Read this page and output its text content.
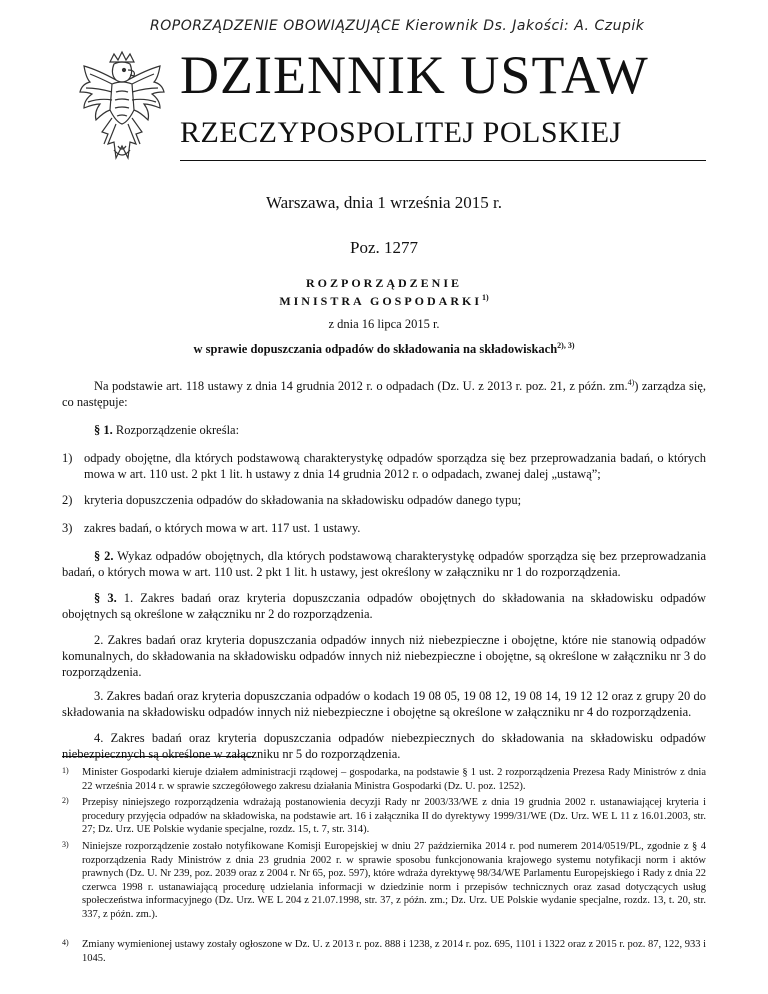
ROPORZĄDZENIE OBOWIĄZUJĄCE Kierownik Ds. Jakości: A. Czupik
DZIENNIK USTAW
RZECZYPOSPOLITEJ POLSKIEJ
Warszawa, dnia 1 września 2015 r.
Poz. 1277
ROZPORZĄDZENIE
MINISTRA GOSPODARKI$^{1)}$
z dnia 16 lipca 2015 r.
w sprawie dopuszczania odpadów do składowania na składowiskach$^{2), 3)}$
Na podstawie art. 118 ustawy z dnia 14 grudnia 2012 r. o odpadach (Dz. U. z 2013 r. poz. 21, z późn. zm.$^{4)}$) zarządza się, co następuje:
§ 1. Rozporządzenie określa:
1) odpady obojętne, dla których podstawową charakterystykę odpadów sporządza się bez przeprowadzania badań, o których mowa w art. 110 ust. 2 pkt 1 lit. h ustawy z dnia 14 grudnia 2012 r. o odpadach, zwanej dalej „ustawą”;
2) kryteria dopuszczenia odpadów do składowania na składowisku odpadów danego typu;
3) zakres badań, o których mowa w art. 117 ust. 1 ustawy.
§ 2. Wykaz odpadów obojętnych, dla których podstawową charakterystykę odpadów sporządza się bez przeprowadzania badań, o których mowa w art. 110 ust. 2 pkt 1 lit. h ustawy, jest określony w załączniku nr 1 do rozporządzenia.
§ 3. 1. Zakres badań oraz kryteria dopuszczania odpadów obojętnych do składowania na składowisku odpadów obojętnych są określone w załączniku nr 2 do rozporządzenia.
2. Zakres badań oraz kryteria dopuszczania odpadów innych niż niebezpieczne i obojętne, które nie stanowią odpadów komunalnych, do składowania na składowisku odpadów innych niż niebezpieczne i obojętne, są określone w załączniku nr 3 do rozporządzenia.
3. Zakres badań oraz kryteria dopuszczania odpadów o kodach 19 08 05, 19 08 12, 19 08 14, 19 12 12 oraz z grupy 20 do składowania na składowisku odpadów innych niż niebezpieczne i obojętne są określone w załączniku nr 4 do rozporządzenia.
4. Zakres badań oraz kryteria dopuszczania odpadów niebezpiecznych do składowania na składowisku odpadów niebezpiecznych są określone w załączniku nr 5 do rozporządzenia.
1) Minister Gospodarki kieruje działem administracji rządowej – gospodarka, na podstawie § 1 ust. 2 rozporządzenia Prezesa Rady Ministrów z dnia 22 września 2014 r. w sprawie szczegółowego zakresu działania Ministra Gospodarki (Dz. U. poz. 1252).
2) Przepisy niniejszego rozporządzenia wdrażają postanowienia decyzji Rady nr 2003/33/WE z dnia 19 grudnia 2002 r. ustanawiającej kryteria i procedury przyjęcia odpadów na składowiska, na podstawie art. 16 i załącznika II do dyrektywy 1999/31/WE (Dz. Urz. WE L 11 z 16.01.2003, str. 27; Dz. Urz. UE Polskie wydanie specjalne, rozdz. 15, t. 7, str. 314).
3) Niniejsze rozporządzenie zostało notyfikowane Komisji Europejskiej w dniu 27 października 2014 r. pod numerem 2014/0519/PL, zgodnie z § 4 rozporządzenia Rady Ministrów z dnia 23 grudnia 2002 r. w sprawie sposobu funkcjonowania krajowego systemu notyfikacji norm i aktów prawnych (Dz. U. Nr 239, poz. 2039 oraz z 2004 r. Nr 65, poz. 597), które wdraża dyrektywę 98/34/WE Parlamentu Europejskiego i Rady z dnia 22 czerwca 1998 r. ustanawiającą procedurę udzielania informacji w dziedzinie norm i przepisów technicznych oraz zasad dotyczących usług społeczeństwa informacyjnego (Dz. Urz. WE L 204 z 21.07.1998, str. 37, z późn. zm.; Dz. Urz. UE Polskie wydanie specjalne, rozdz. 13, t. 20, str. 337, z późn. zm.).
4) Zmiany wymienionej ustawy zostały ogłoszone w Dz. U. z 2013 r. poz. 888 i 1238, z 2014 r. poz. 695, 1101 i 1322 oraz z 2015 r. poz. 87, 122, 933 i 1045.
